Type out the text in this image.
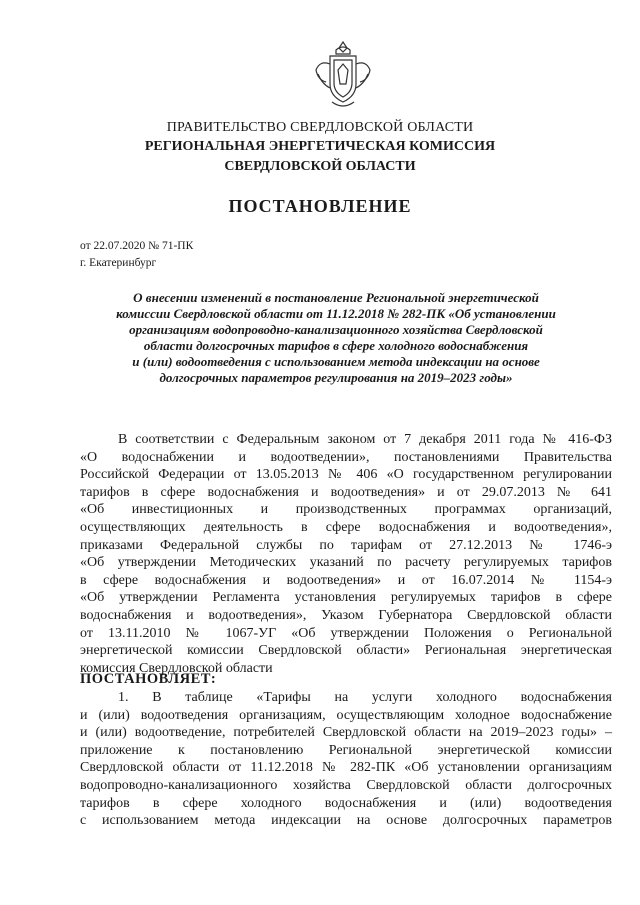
ПРАВИТЕЛЬСТВО СВЕРДЛОВСКОЙ ОБЛАСТИ
РЕГИОНАЛЬНАЯ ЭНЕРГЕТИЧЕСКАЯ КОМИССИЯ
СВЕРДЛОВСКОЙ ОБЛАСТИ
ПОСТАНОВЛЕНИЕ
от 22.07.2020 № 71-ПК
г. Екатеринбург
О внесении изменений в постановление Региональной энергетической
комиссии Свердловской области от 11.12.2018 № 282-ПК «Об установлении
организациям водопроводно-канализационного хозяйства Свердловской
области долгосрочных тарифов в сфере холодного водоснабжения
и (или) водоотведения с использованием метода индексации на основе
долгосрочных параметров регулирования на 2019–2023 годы»
В соответствии с Федеральным законом от 7 декабря 2011 года № 416-ФЗ
«О водоснабжении и водоотведении», постановлениями Правительства
Российской Федерации от 13.05.2013 № 406 «О государственном регулировании
тарифов в сфере водоснабжения и водоотведения» и от 29.07.2013 № 641
«Об инвестиционных и производственных программах организаций,
осуществляющих деятельность в сфере водоснабжения и водоотведения»,
приказами Федеральной службы по тарифам от 27.12.2013 № 1746-э
«Об утверждении Методических указаний по расчету регулируемых тарифов
в сфере водоснабжения и водоотведения» и от 16.07.2014 № 1154-э
«Об утверждении Регламента установления регулируемых тарифов в сфере
водоснабжения и водоотведения», Указом Губернатора Свердловской области
от 13.11.2010 № 1067-УГ «Об утверждении Положения о Региональной
энергетической комиссии Свердловской области» Региональная энергетическая
комиссия Свердловской области
ПОСТАНОВЛЯЕТ:
1. В таблице «Тарифы на услуги холодного водоснабжения
и (или) водоотведения организациям, осуществляющим холодное водоснабжение
и (или) водоотведение, потребителей Свердловской области на 2019–2023 годы» –
приложение к постановлению Региональной энергетической комиссии
Свердловской области от 11.12.2018 № 282-ПК «Об установлении организациям
водопроводно-канализационного хозяйства Свердловской области долгосрочных
тарифов в сфере холодного водоснабжения и (или) водоотведения
с использованием метода индексации на основе долгосрочных параметров
